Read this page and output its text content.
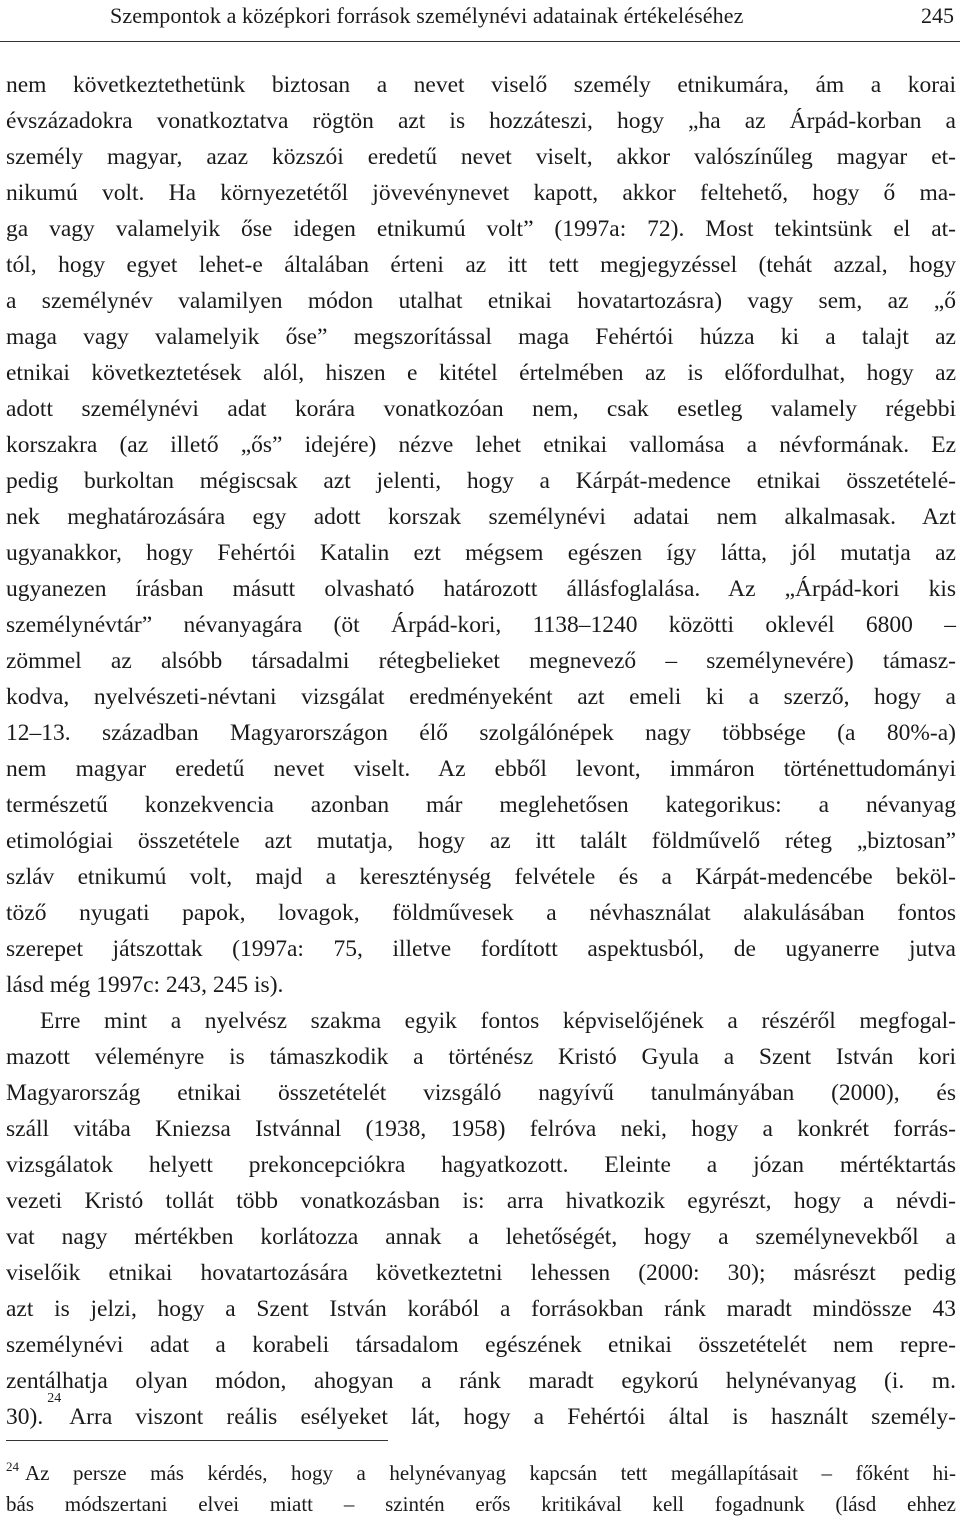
Szempontok a középkori források személynévi adatainak értékeléséhez	245
nem következtethetünk biztosan a nevet viselő személy etnikumára, ám a korai
évszázadokra vonatkoztatva rögtön azt is hozzáteszi, hogy „ha az Árpád-korban a
személy magyar, azaz közszói eredetű nevet viselt, akkor valószínűleg magyar et-
nikumú volt. Ha környezetétől jövevénynevet kapott, akkor feltehető, hogy ő ma-
ga vagy valamelyik őse idegen etnikumú volt” (1997a: 72). Most tekintsünk el at-
tól, hogy egyet lehet-e általában érteni az itt tett megjegyzéssel (tehát azzal, hogy
a személynév valamilyen módon utalhat etnikai hovatartozásra) vagy sem, az „ő
maga vagy valamelyik őse” megszorítással maga Fehértói húzza ki a talajt az
etnikai következtetések alól, hiszen e kitétel értelmében az is előfordulhat, hogy az
adott személynévi adat korára vonatkozóan nem, csak esetleg valamely régebbi
korszakra (az illető „ős” idejére) nézve lehet etnikai vallomása a névformának. Ez
pedig burkoltan mégiscsak azt jelenti, hogy a Kárpát-medence etnikai összetételé-
nek meghatározására egy adott korszak személynévi adatai nem alkalmasak. Azt
ugyanakkor, hogy Fehértói Katalin ezt mégsem egészen így látta, jól mutatja az
ugyanezen írásban másutt olvasható határozott állásfoglalása. Az „Árpád-kori kis
személynévtár” névanyagára (öt Árpád-kori, 1138–1240 közötti oklevél 6800 –
zömmel az alsóbb társadalmi rétegbelieket megnevező – személynevére) támasz-
kodva, nyelvészeti-névtani vizsgálat eredményeként azt emeli ki a szerző, hogy a
12–13. században Magyarországon élő szolgálónépek nagy többsége (a 80%-a)
nem magyar eredetű nevet viselt. Az ebből levont, immáron történettudományi
természetű konzekvencia azonban már meglehetősen kategorikus: a névanyag
etimológiai összetétele azt mutatja, hogy az itt talált földművelő réteg „biztosan”
szláv etnikumú volt, majd a kereszténység felvétele és a Kárpát-medencébe beköl-
töző nyugati papok, lovagok, földművesek a névhasználat alakulásában fontos
szerepet játszottak (1997a: 75, illetve fordított aspektusból, de ugyanerre jutva
lásd még 1997c: 243, 245 is).
Erre mint a nyelvész szakma egyik fontos képviselőjének a részéről megfogal-
mazott véleményre is támaszkodik a történész Kristó Gyula a Szent István kori
Magyarország etnikai összetételét vizsgáló nagyívű tanulmányában (2000), és
száll vitába Kniezsa Istvánnal (1938, 1958) felróva neki, hogy a konkrét forrás-
vizsgálatok helyett prekoncepciókra hagyatkozott. Eleinte a józan mértéktartás
vezeti Kristó tollát több vonatkozásban is: arra hivatkozik egyrészt, hogy a névdi-
vat nagy mértékben korlátozza annak a lehetőségét, hogy a személynevekből a
viselőik etnikai hovatartozására következtetni lehessen (2000: 30); másrészt pedig
azt is jelzi, hogy a Szent István korából a forrásokban ránk maradt mindössze 43
személynévi adat a korabeli társadalom egészének etnikai összetételét nem repre-
zentálhatja olyan módon, ahogyan a ránk maradt egykorú helynévanyag (i. m.
30).
24
Arra viszont reális esélyeket lát, hogy a Fehértói által is használt személy-
$^{24}$ Az persze más kérdés, hogy a helynévanyag kapcsán tett megállapításait – főként hi-
bás módszertani elvei miatt – szintén erős kritikával kell fogadnunk (lásd ehhez
